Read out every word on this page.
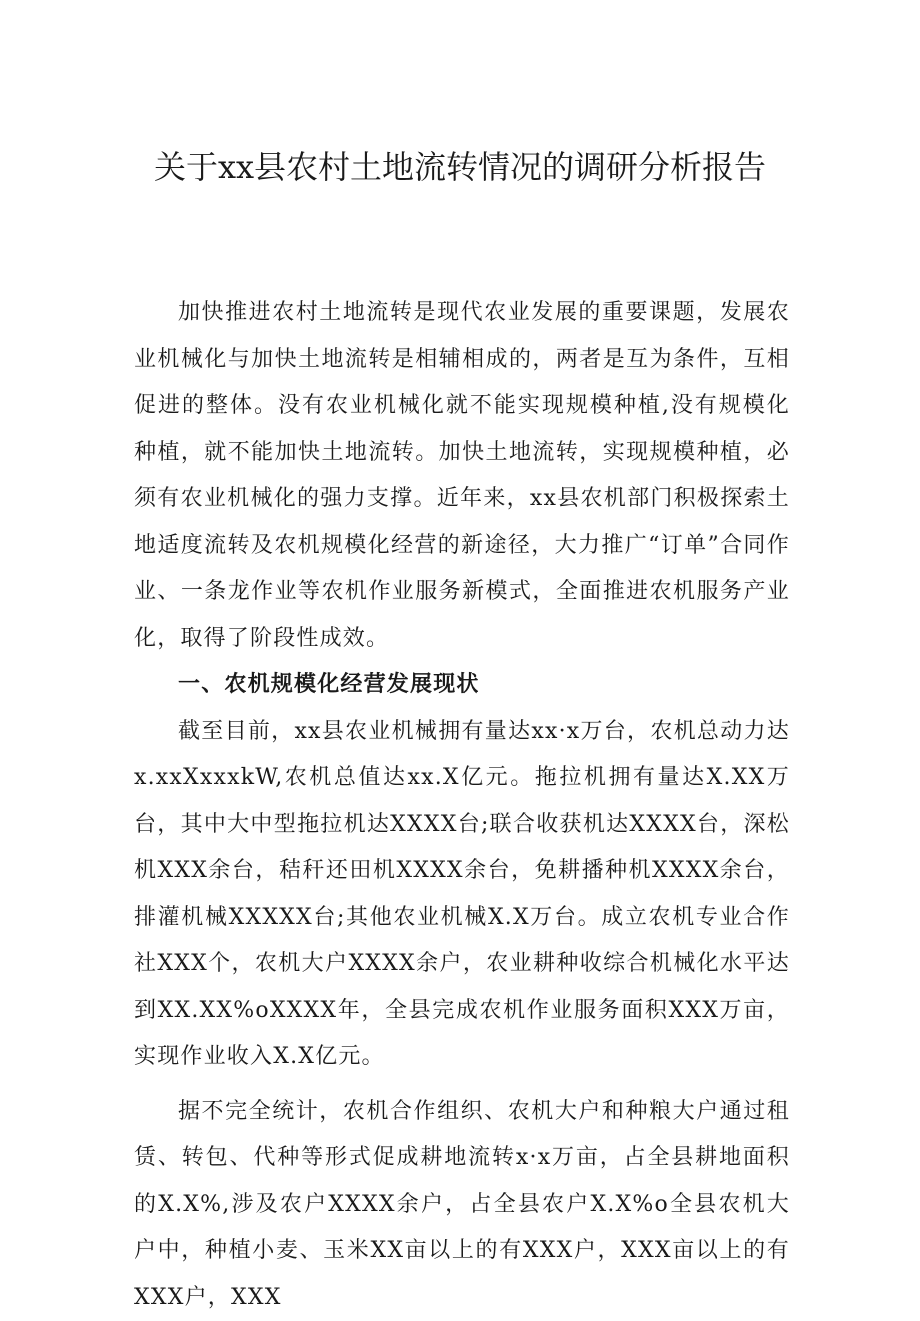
关于xx县农村土地流转情况的调研分析报告

加快推进农村土地流转是现代农业发展的重要课题，发展农业机械化与加快土地流转是相辅相成的，两者是互为条件，互相促进的整体。没有农业机械化就不能实现规模种植,没有规模化种植，就不能加快土地流转。加快土地流转，实现规模种植，必须有农业机械化的强力支撑。近年来，xx县农机部门积极探索土地适度流转及农机规模化经营的新途径，大力推广“订单”合同作业、一条龙作业等农机作业服务新模式，全面推进农机服务产业化，取得了阶段性成效。

一、农机规模化经营发展现状

截至目前，xx县农业机械拥有量达xx·x万台，农机总动力达x.xxXxxxkW,农机总值达xx.X亿元。拖拉机拥有量达X.XX万台，其中大中型拖拉机达XXXX台;联合收获机达XXXX台，深松机XXX余台，秸秆还田机XXXX余台，免耕播种机XXXX余台，排灌机械XXXXX台;其他农业机械X.X万台。成立农机专业合作社XXX个，农机大户XXXX余户，农业耕种收综合机械化水平达到XX.XX%oXXXX年，全县完成农机作业服务面积XXX万亩，实现作业收入X.X亿元。

据不完全统计，农机合作组织、农机大户和种粮大户通过租赁、转包、代种等形式促成耕地流转x·x万亩，占全县耕地面积的X.X%,涉及农户XXXX余户，占全县农户X.X%o全县农机大户中，种植小麦、玉米XX亩以上的有XXX户，XXX亩以上的有XXX户，XXX
